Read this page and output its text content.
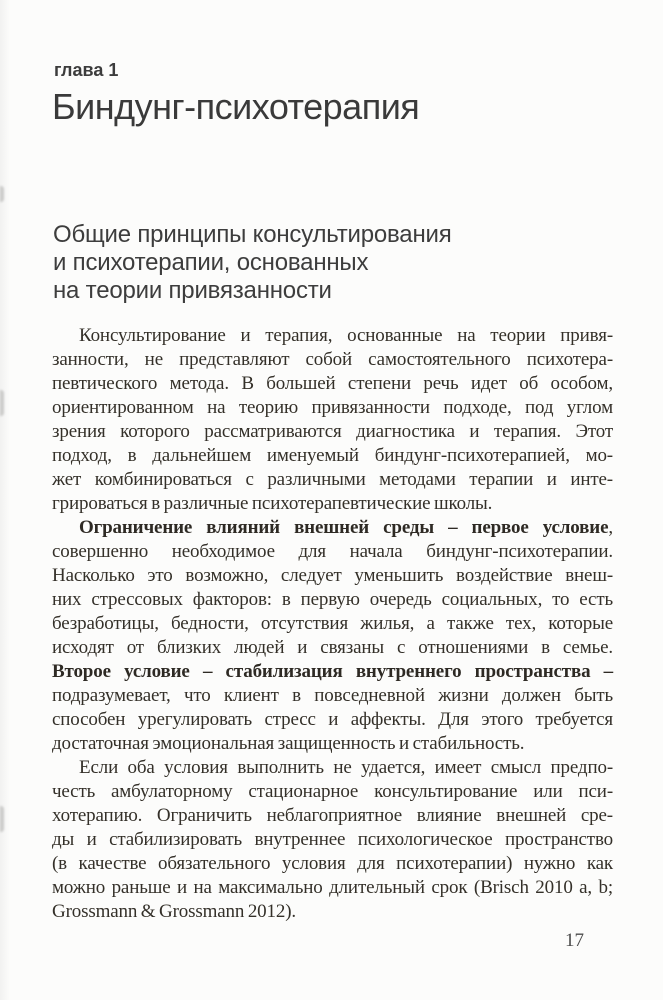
глава 1
Биндунг-психотерапия
Общие принципы консультирования
и психотерапии, основанных
на теории привязанности
Консультирование и терапия, основанные на теории привя-
занности, не представляют собой самостоятельного психотера-
певтического метода. В большей степени речь идет об особом,
ориентированном на теорию привязанности подходе, под углом
зрения которого рассматриваются диагностика и терапия. Этот
подход, в дальнейшем именуемый биндунг-психотерапией, мо-
жет комбинироваться с различными методами терапии и инте-
грироваться в различные психотерапевтические школы.
Ограничение влияний внешней среды – первое условие,
совершенно необходимое для начала биндунг-психотерапии.
Насколько это возможно, следует уменьшить воздействие внеш-
них стрессовых факторов: в первую очередь социальных, то есть
безработицы, бедности, отсутствия жилья, а также тех, которые
исходят от близких людей и связаны с отношениями в семье.
Второе условие – стабилизация внутреннего пространства –
подразумевает, что клиент в повседневной жизни должен быть
способен урегулировать стресс и аффекты. Для этого требуется
достаточная эмоциональная защищенность и стабильность.
Если оба условия выполнить не удается, имеет смысл предпо-
честь амбулаторному стационарное консультирование или пси-
хотерапию. Ограничить неблагоприятное влияние внешней сре-
ды и стабилизировать внутреннее психологическое пространство
(в качестве обязательного условия для психотерапии) нужно как
можно раньше и на максимально длительный срок (Brisch 2010 a, b;
Grossmann & Grossmann 2012).
17
